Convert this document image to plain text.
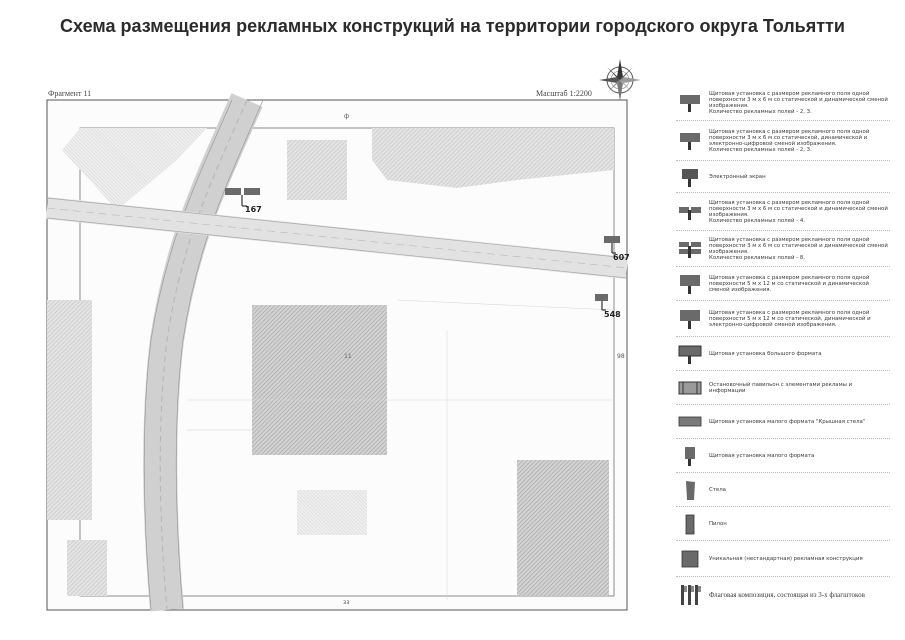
Схема размещения рекламных конструкций на территории городского округа Тольятти
Фрагмент 11	Масштаб 1:2200
ф
зз
98
11
167
607
548
Щитовая установка с размером рекламного поля одной поверхности 3 м х 6 м со статической и динамической сменой изображения.
Количество рекламных полей - 2, 3.
Щитовая установка с размером рекламного поля одной поверхности 3 м х 6 м со статической, динамической и электронно-цифровой сменой изображения.
Количество рекламных полей - 2, 3.
Электронный экран
Щитовая установка с размером рекламного поля одной поверхности 3 м х 6 м со статической и динамической сменой изображения.
Количество рекламных полей - 4.
Щитовая установка с размером рекламного поля одной поверхности 3 м х 6 м со статической и динамической сменой изображения.
Количество рекламных полей - 8.
Щитовая установка с размером рекламного поля одной поверхности 5 м х 12 м со статической и динамической сменой изображения.
Щитовая установка с размером рекламного поля одной поверхности 5 м х 12 м со статической, динамической и электронно-цифровой сменой изображения.
Щитовая установка большого формата
Остановочный павильон с элементами рекламы и информации
Щитовая установка малого формата "Крышная стела"
Щитовая установка малого формата
Стела
Пилон
Уникальная (нестандартная) рекламная конструкция
Флаговая композиция, состоящая из 3-х флагштоков
